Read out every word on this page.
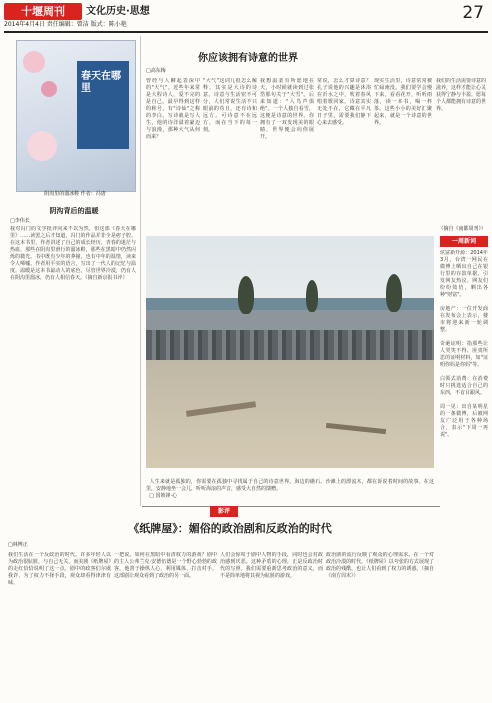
十堰周刊	文化历史·思想
2014年4月4日 责任编辑：曾洁 版式：陈小艳
27
春天在哪里
阴沟里的溜冰鞋 作者：冯唐
阴沟背后的温暖
□李伟长
我对冯门的文学批评向来不以为然，但这部《春天在哪里》……读罢之后才知道，冯门的作品并非全是痞子腔。在这本书里，作者讲述了自己的成长经历、青春的迷茫与热血，那些在阴沟里滑行的溜冰鞋，那些在黑暗中仍然闪烁的微光。书中既有少年的莽撞，也有中年的温情，读来令人唏嘘。作者用平实的语言，写出了一代人的记忆与温度。温暖是这本书最动人的底色，尽管世界冷漠，仍有人在阴沟里溜冰，仍有人相信春天。（摘自新京报书评）
你应该拥有诗意的世界
□高东梅
曾经与人聊起表深中的"大气"。近些年来常是大程诗人，爱不完的是自己。最早得到这样的称号，有"诗仙"之称的李白。写诗就是写人生，他的诗洋溢着豪迈与浪漫，那种大气从何而来？
"大气"这词儿很怎么解释，其实是大诗的诗意。诗意与生活密不可分，人们常说生活不只眼前的苟且，还有诗和远方。可诗意不在远方，而在当下的每一刻。
我想温柔有所愿地在天，小时候就读到过张岱那句关于"大雪"。后来知道："人鸟声俱绝"。一个人独自看雪，这便是诗意的世界。你拥有了一双发现美的眼睛，世界便会向你展开。
常说，怎么才算诗意？孔子说他的兴趣是沐浴在沂水之中，吹着春风唱着歌回家。诗意其实无处不在，它藏在平凡日子里，需要我们静下心来去感受。
现实生活里，诗意常常被忙碌淹没。我们要学会慢下来，看看花开，听听雨落，读一本书，喝一杯茶。这些小小的美好汇聚起来，就是一个诗意的世界。
我们的生活需要诗意的滋养，这样才能让心灵获得宁静与丰盈。愿每个人都能拥有诗意的世界。
（摘自《南都周刊》）

人生来就是孤独的，你需要在孤独中寻找属于自己的诗意世界。海边的礁石、沙滩上的漂流木，都在诉说着时间的故事。在这里，安静地坐一会儿，听听海浪的声音，感受大自然的馈赠。
□ 国锁锋·心

一周新词
炫富新开源：2014年3月，台湾一网民在微博上晒出自己在银行里的存款单据，引发网友热议。网友们纷纷效仿，晒出各种"财富"。

房地产：一位开发商在发布会上表示，楼市将迎来新一轮调整。

奇葩证明：指那些让人哭笑不得、匪夷所思的证明材料，如"证明你妈是你妈"等。

白领式消费：在消费时只挑选适合自己的东西，不盲目跟风。

周一见：出自某明星的一条微博，后被网友广泛用于各种场合，表示"下周一再说"。
影评
《纸牌屋》：媚俗的政治剧和反政治的时代
□林博正
我们生活在一个反政治的时代。许多年轻人以为政治很肮脏，与自己无关，而美剧《纸牌屋》的走红恰恰说明了这一点。剧中的政客们尔虞我诈，为了权力不择手段，观众却看得津津有味。
一把说。如何在黑暗中看清权力的游戏？剧中的主人公弗兰克·安德伍德是一个野心勃勃的政客，他善于操纵人心，利用媒体，打击对手。这部剧让观众看到了政治的另一面。
人们会惊叹于剧中人物的手段，同时也会对政治感到厌恶。这种矛盾的心理，正是反政治时代的写照。我们需要重新思考政治的意义，而不是简单地将其视为肮脏的游戏。
政治剧的流行反映了观众的心理需求。在一个对政治冷漠的时代，《纸牌屋》以夸张的方式展现了政治的残酷，也让人们看到了权力的诱惑。（摘自《南方周末》）
